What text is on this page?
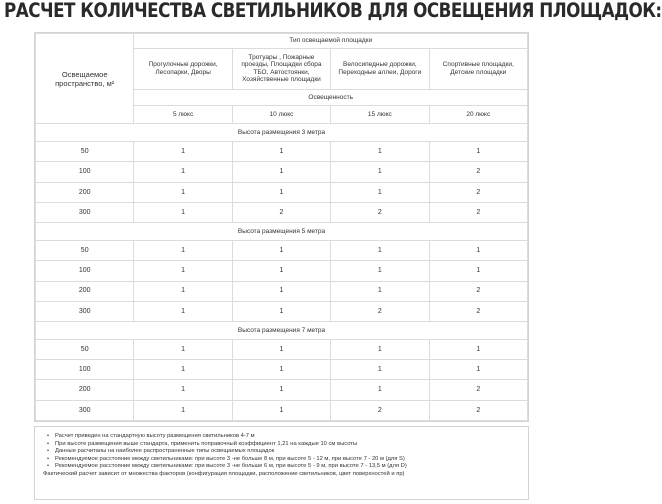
РАСЧЕТ КОЛИЧЕСТВА СВЕТИЛЬНИКОВ ДЛЯ ОСВЕЩЕНИЯ ПЛОЩАДОК:
Освещаемое пространство, м²	Тип освещаемой площадки			
	Прогулочные дорожки, Лесопарки, Дворы	Тротуары , Пожарные проезды, Площадки сбора ТБО, Автостоянки, Хозяйственные площадки	Велосипедные дорожки, Переходные аллеи, Дороги	Спортивные площадки, Детские площадки
	Освещенность			
	5 люкс	10 люкс	15 люкс	20 люкс
Высота размещения 3 метра				
50	1	1	1	1
100	1	1	1	2
200	1	1	1	2
300	1	2	2	2
Высота размещения 5 метра				
50	1	1	1	1
100	1	1	1	1
200	1	1	1	2
300	1	1	2	2
Высота размещения 7 метра				
50	1	1	1	1
100	1	1	1	1
200	1	1	1	2
300	1	1	2	2
• Расчет приведен на стандартную высоту размещения светильников 4-7 м
• При высоте размещения выше стандарта, применить поправочный коэффициент 1,21 на каждые 10 см высоты
• Данные расчитаны на наиболее распространенные типы освещаемых площадок
• Рекомендуемое расстояние между светильниками: при высоте 3 -не больше 8 м, при высоте 5 - 12 м, при высоте 7 - 20 м (для S)
• Рекомендуемое расстояние между светильниками: при высоте 3 -не больше 6 м, при высоте 5 - 9 м, при высоте 7 - 13,5 м (для D)
Фактический расчет зависит от множества факторов (конфигурация площадки, расположение светильников, цвет поверхностей и пр)
